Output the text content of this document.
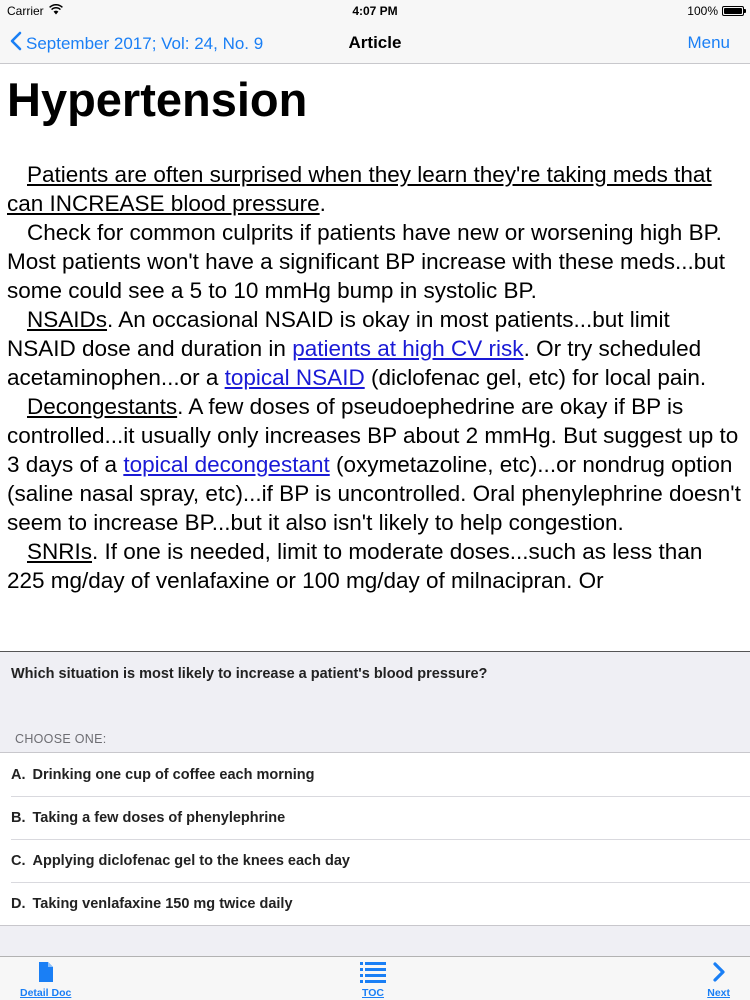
Carrier	4:07 PM	100%
September 2017; Vol: 24, No. 9	Article	Menu
Hypertension

Patients are often surprised when they learn they're taking meds that can INCREASE blood pressure.

Check for common culprits if patients have new or worsening high BP. Most patients won't have a significant BP increase with these meds...but some could see a 5 to 10 mmHg bump in systolic BP.

NSAIDs. An occasional NSAID is okay in most patients...but limit NSAID dose and duration in patients at high CV risk. Or try scheduled acetaminophen...or a topical NSAID (diclofenac gel, etc) for local pain.

Decongestants. A few doses of pseudoephedrine are okay if BP is controlled...it usually only increases BP about 2 mmHg. But suggest up to 3 days of a topical decongestant (oxymetazoline, etc)...or nondrug option (saline nasal spray, etc)...if BP is uncontrolled. Oral phenylephrine doesn't seem to increase BP...but it also isn't likely to help congestion.

SNRIs. If one is needed, limit to moderate doses...such as less than 225 mg/day of venlafaxine or 100 mg/day of milnacipran. Or

Which situation is most likely to increase a patient's blood pressure?
CHOOSE ONE:
A. Drinking one cup of coffee each morning
B. Taking a few doses of phenylephrine
C. Applying diclofenac gel to the knees each day
D. Taking venlafaxine 150 mg twice daily
Detail Doc	TOC	Next
